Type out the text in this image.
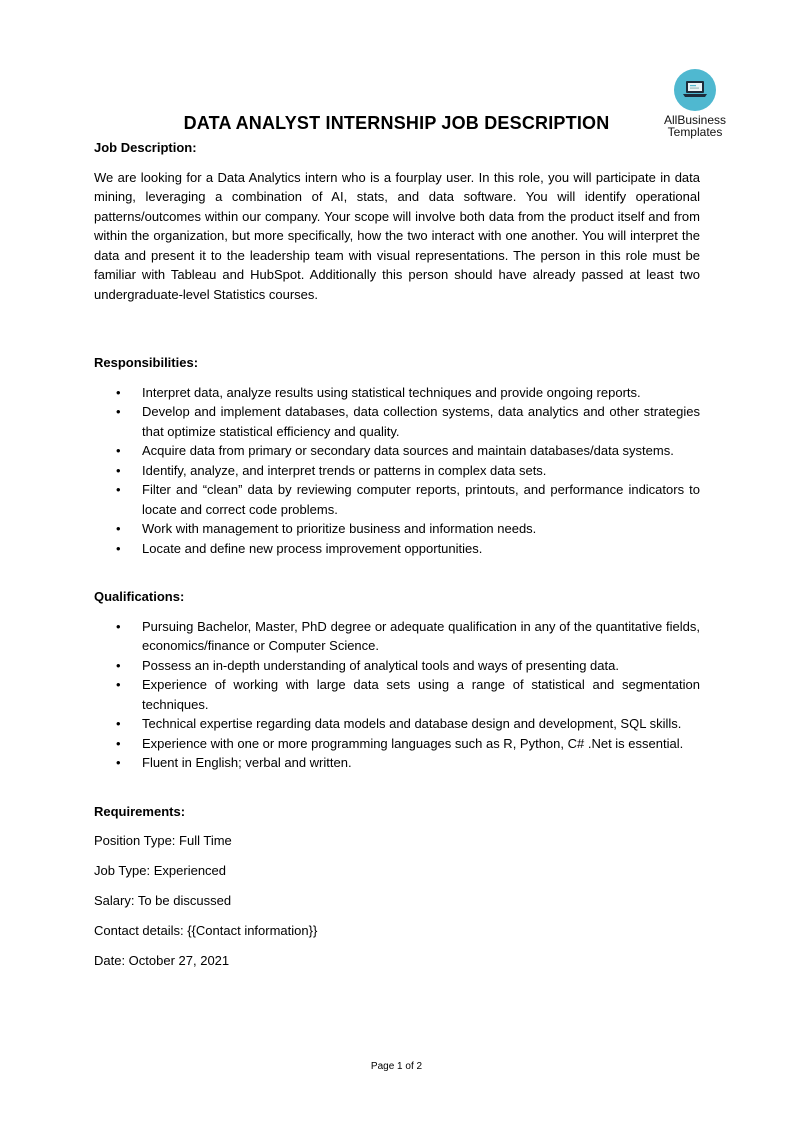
AllBusiness
Templates
DATA ANALYST INTERNSHIP JOB DESCRIPTION

Job Description:

We are looking for a Data Analytics intern who is a fourplay user. In this role, you will participate in data mining, leveraging a combination of AI, stats, and data software. You will identify operational patterns/outcomes within our company. Your scope will involve both data from the product itself and from within the organization, but more specifically, how the two interact with one another. You will interpret the data and present it to the leadership team with visual representations. The person in this role must be familiar with Tableau and HubSpot. Additionally this person should have already passed at least two undergraduate-level Statistics courses.

Responsibilities:

• Interpret data, analyze results using statistical techniques and provide ongoing reports.
• Develop and implement databases, data collection systems, data analytics and other strategies that optimize statistical efficiency and quality.
• Acquire data from primary or secondary data sources and maintain databases/data systems.
• Identify, analyze, and interpret trends or patterns in complex data sets.
• Filter and “clean” data by reviewing computer reports, printouts, and performance indicators to locate and correct code problems.
• Work with management to prioritize business and information needs.
• Locate and define new process improvement opportunities.

Qualifications:

• Pursuing Bachelor, Master, PhD degree or adequate qualification in any of the quantitative fields, economics/finance or Computer Science.
• Possess an in-depth understanding of analytical tools and ways of presenting data.
• Experience of working with large data sets using a range of statistical and segmentation techniques.
• Technical expertise regarding data models and database design and development, SQL skills.
• Experience with one or more programming languages such as R, Python, C# .Net is essential.
• Fluent in English; verbal and written.

Requirements:

Position Type: Full Time

Job Type: Experienced

Salary: To be discussed

Contact details: {{Contact information}}

Date: October 27, 2021

Page 1 of 2
